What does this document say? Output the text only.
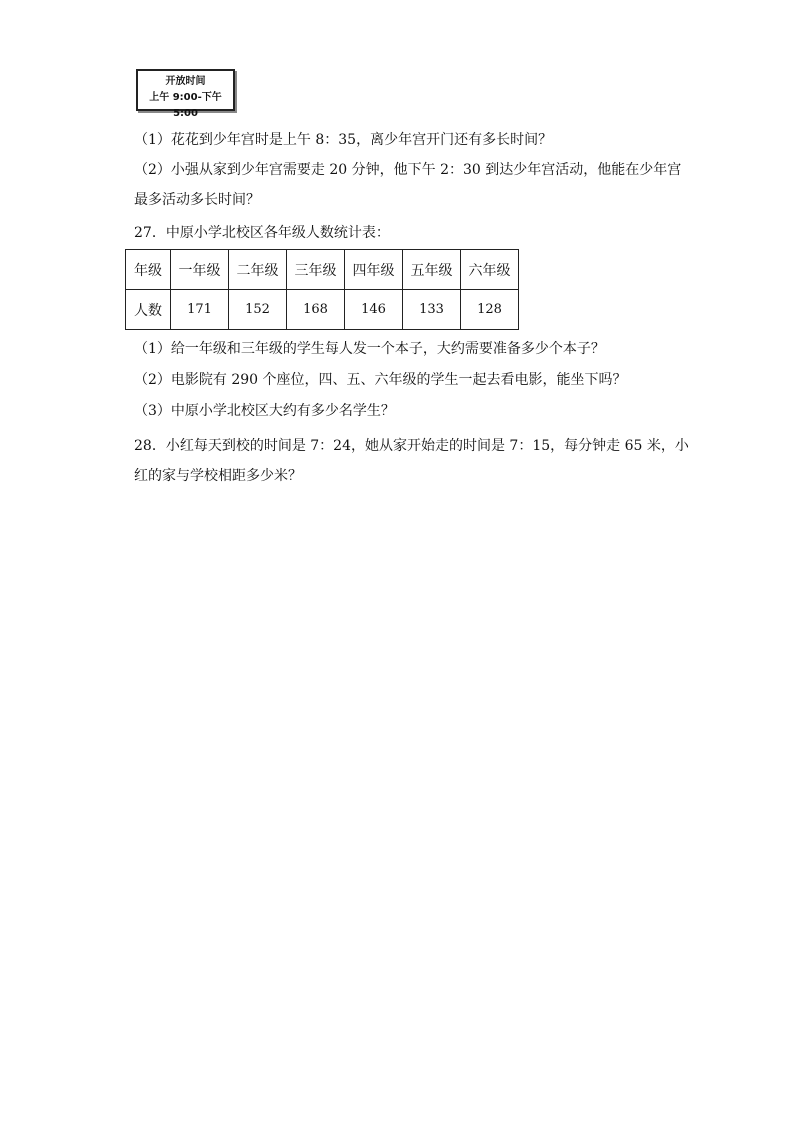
开放时间
上午 9:00-下午 5:00
（1）花花到少年宫时是上午 8：35，离少年宫开门还有多长时间？
（2）小强从家到少年宫需要走 20 分钟，他下午 2：30 到达少年宫活动，他能在少年宫
最多活动多长时间？
27．中原小学北校区各年级人数统计表：
年级	一年级	二年级	三年级	四年级	五年级	六年级
人数	171	152	168	146	133	128
（1）给一年级和三年级的学生每人发一个本子，大约需要准备多少个本子？
（2）电影院有 290 个座位，四、五、六年级的学生一起去看电影，能坐下吗？
（3）中原小学北校区大约有多少名学生？
28．小红每天到校的时间是 7：24，她从家开始走的时间是 7：15，每分钟走 65 米，小
红的家与学校相距多少米？
